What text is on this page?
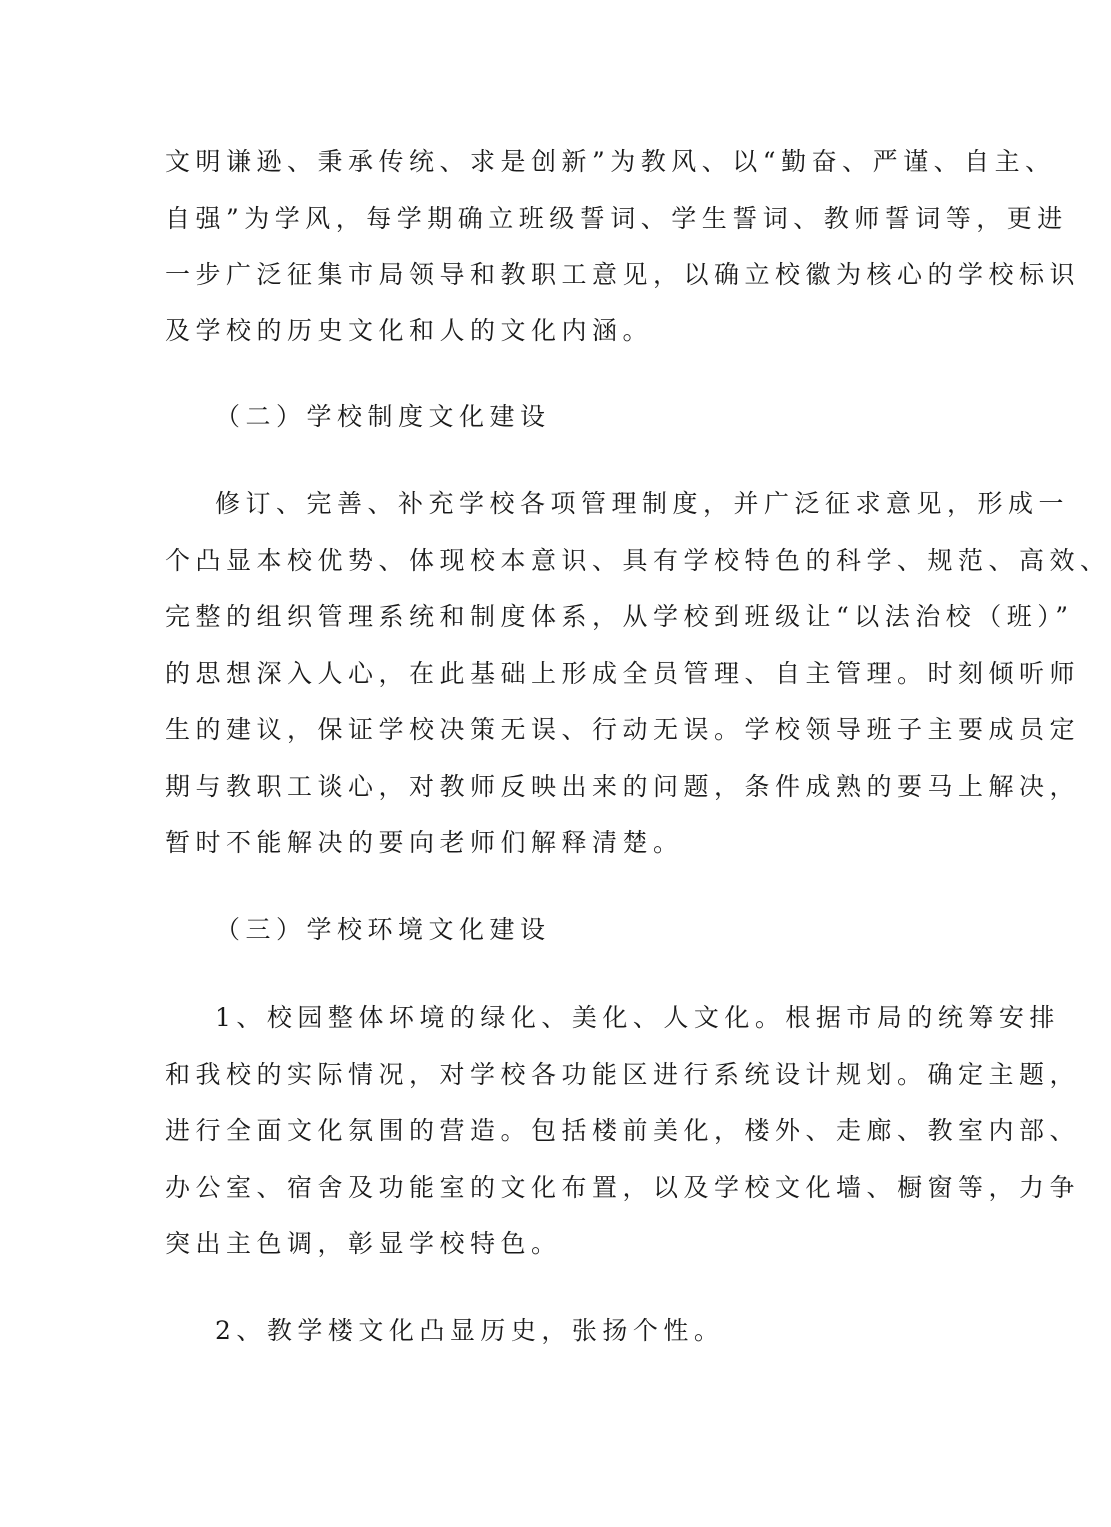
文明谦逊、秉承传统、求是创新”为教风、以“勤奋、严谨、自主、
自强”为学风，每学期确立班级誓词、学生誓词、教师誓词等，更进
一步广泛征集市局领导和教职工意见，以确立校徽为核心的学校标识
及学校的历史文化和人的文化内涵。
（二）学校制度文化建设
修订、完善、补充学校各项管理制度，并广泛征求意见，形成一
个凸显本校优势、体现校本意识、具有学校特色的科学、规范、高效、
完整的组织管理系统和制度体系，从学校到班级让“以法治校（班）”
的思想深入人心，在此基础上形成全员管理、自主管理。时刻倾听师
生的建议，保证学校决策无误、行动无误。学校领导班子主要成员定
期与教职工谈心，对教师反映出来的问题，条件成熟的要马上解决，
暂时不能解决的要向老师们解释清楚。
（三）学校环境文化建设
1、校园整体坏境的绿化、美化、人文化。根据市局的统筹安排
和我校的实际情况，对学校各功能区进行系统设计规划。确定主题，
进行全面文化氛围的营造。包括楼前美化，楼外、走廊、教室内部、
办公室、宿舍及功能室的文化布置，以及学校文化墙、橱窗等，力争
突出主色调，彰显学校特色。
2、教学楼文化凸显历史，张扬个性。
